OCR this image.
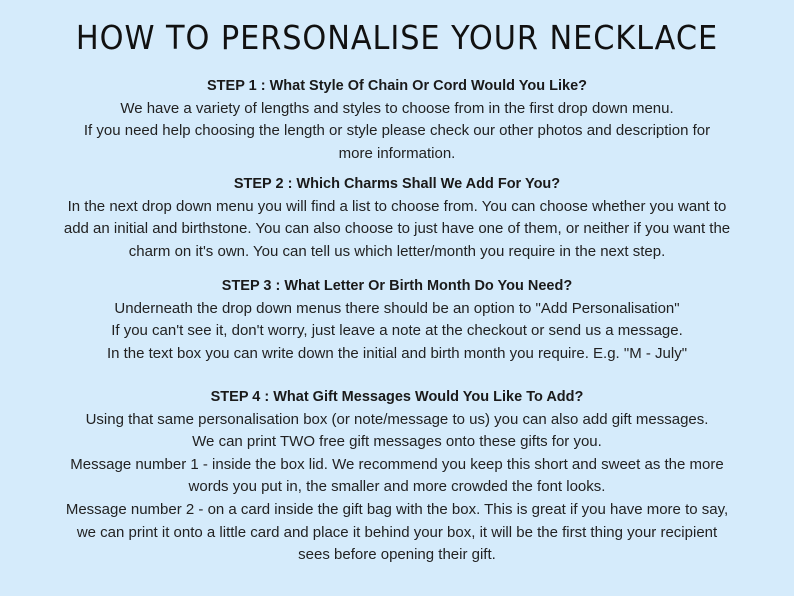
HOW TO PERSONALISE YOUR NECKLACE
STEP 1 : What Style Of Chain Or Cord Would You Like?
We have a variety of lengths and styles to choose from in the first drop down menu.
If you need help choosing the length or style please check our other photos and description for
more information.
STEP 2 : Which Charms Shall We Add For You?
In the next drop down menu you will find a list to choose from. You can choose whether you want to
add an initial and birthstone. You can also choose to just have one of them, or neither if you want the
charm on it's own. You can tell us which letter/month you require in the next step.
STEP 3 : What Letter Or Birth Month Do You Need?
Underneath the drop down menus there should be an option to "Add Personalisation"
If you can't see it, don't worry, just leave a note at the checkout or send us a message.
In the text box you can write down the initial and birth month you require. E.g. "M - July"
STEP 4 : What Gift Messages Would You Like To Add?
Using that same personalisation box (or note/message to us) you can also add gift messages.
We can print TWO free gift messages onto these gifts for you.
Message number 1 - inside the box lid. We recommend you keep this short and sweet as the more
words you put in, the smaller and more crowded the font looks.
Message number 2 - on a card inside the gift bag with the box. This is great if you have more to say,
we can print it onto a little card and place it behind your box, it will be the first thing your recipient
sees before opening their gift.
